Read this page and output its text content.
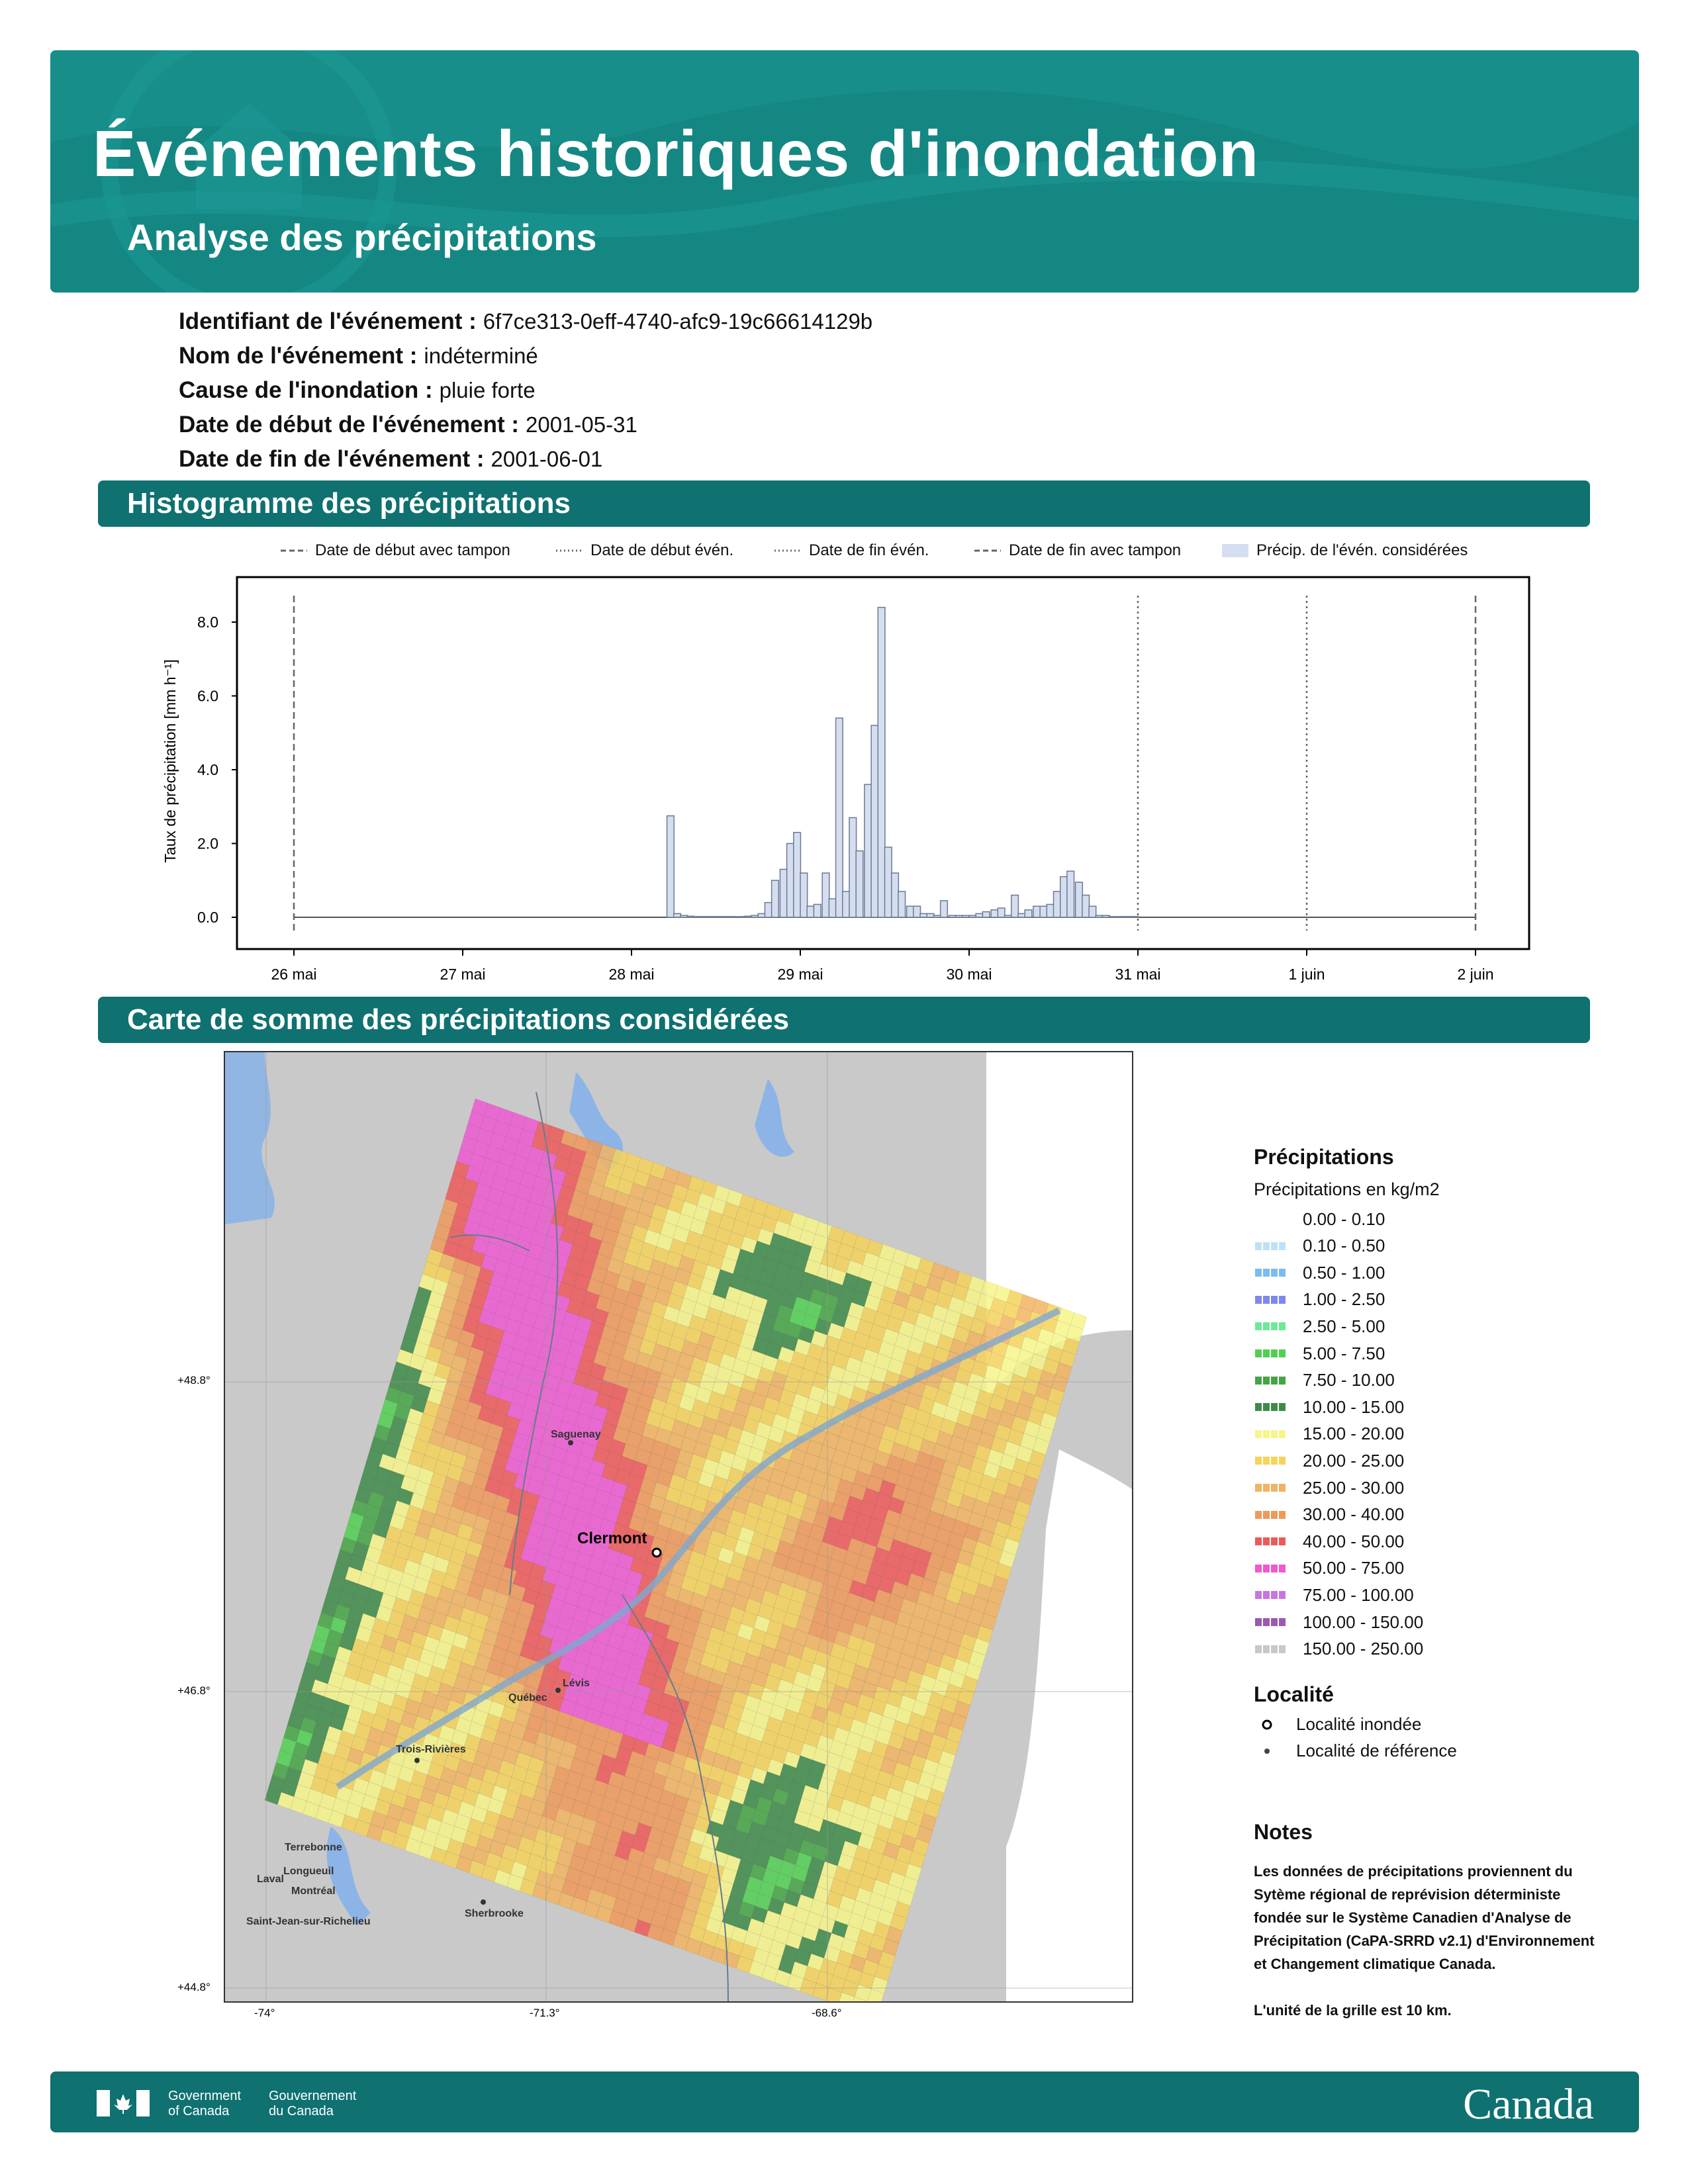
Événements historiques d'inondation
Analyse des précipitations
Identifiant de l'événement : 6f7ce313-0eff-4740-afc9-19c66614129b
Nom de l'événement : indéterminé
Cause de l'inondation : pluie forte
Date de début de l'événement : 2001-05-31
Date de fin de l'événement : 2001-06-01
Histogramme des précipitations
Date de début avec tampon	Date de début évén.	Date de fin évén.	Date de fin avec tampon	Précip. de l'évén. considérées
0.0
2.0
4.0
6.0
8.0
26 mai	27 mai	28 mai	29 mai	30 mai	31 mai	1 juin	2 juin
Taux de précipitation [mm h⁻¹]
Carte de somme des précipitations considérées
Clermont
Saguenay
Québec
Lévis
Trois-Rivières
Terrebonne
Longueuil
Laval
Montréal
Saint-Jean-sur-Richelieu
Sherbrooke
+48.8°
+46.8°
+44.8°
-74°	-71.3°	-68.6°
Précipitations
Précipitations en kg/m2
0.00 - 0.10
0.10 - 0.50
0.50 - 1.00
1.00 - 2.50
2.50 - 5.00
5.00 - 7.50
7.50 - 10.00
10.00 - 15.00
15.00 - 20.00
20.00 - 25.00
25.00 - 30.00
30.00 - 40.00
40.00 - 50.00
50.00 - 75.00
75.00 - 100.00
100.00 - 150.00
150.00 - 250.00
Localité
Localité inondée
Localité de référence
Notes
Les données de précipitations proviennent du Sytème régional de reprévision déterministe fondée sur le Système Canadien d'Analyse de Précipitation (CaPA-SRRD v2.1) d'Environnement et Changement climatique Canada.
L'unité de la grille est 10 km.
Government of Canada
Gouvernement du Canada	Canada
